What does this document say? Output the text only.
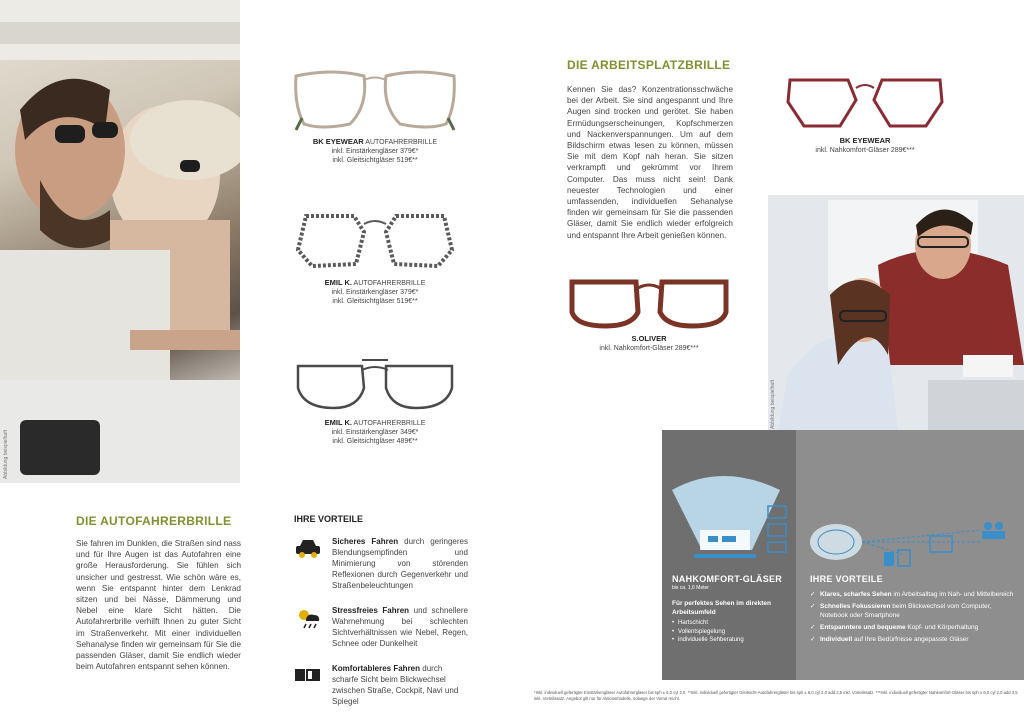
Abbildung beispielhaft
BK EYEWEAR AUTOFAHRERBRILLE
inkl. Einstärkengläser 379€*
inkl. Gleitsichtgläser 519€**
EMIL K. AUTOFAHRERBRILLE
inkl. Einstärkengläser 379€*
inkl. Gleitsichtgläser 519€**
EMIL K. AUTOFAHRERBRILLE
inkl. Einstärkengläser 349€*
inkl. Gleitsichtgläser 489€**
BK EYEWEAR
inkl. Nahkomfort-Gläser 289€***
S.OLIVER
inkl. Nahkomfort-Gläser 289€***
DIE AUTOFAHRERBRILLE
Sie fahren im Dunklen, die Straßen sind nass und für Ihre Augen ist das Autofahren eine große Herausforderung. Sie fühlen sich unsicher und gestresst. Wie schön wäre es, wenn Sie entspannt hinter dem Lenkrad sitzen und bei Nässe, Dämmerung und Nebel eine klare Sicht hätten. Die Autofahrerbrille verhilft Ihnen zu guter Sicht im Straßenverkehr. Mit einer individuellen Sehanalyse finden wir gemeinsam für Sie die passenden Gläser, damit Sie endlich wieder beim Autofahren entspannt sehen können.
IHRE VORTEILE
Sicheres Fahren durch geringeres Blendungsempfinden und Minimierung von störenden Reflexionen durch Gegenverkehr und Straßenbeleuchtungen
Stressfreies Fahren und schnellere Wahrnehmung bei schlechten Sichtverhältnissen wie Nebel, Regen, Schnee oder Dunkelheit
Komfortableres Fahren durch scharfe Sicht beim Blickwechsel zwischen Straße, Cockpit, Navi und Spiegel
DIE ARBEITSPLATZBRILLE
Kennen Sie das? Konzentrationsschwäche bei der Arbeit. Sie sind angespannt und Ihre Augen sind trocken und gerötet. Sie haben Ermüdungserscheinungen, Kopfschmerzen und Nackenverspannungen. Um auf dem Bildschirm etwas lesen zu können, müssen Sie mit dem Kopf nah heran. Sie sitzen verkrampft und gekrümmt vor Ihrem Computer. Das muss nicht sein! Dank neuester Technologien und einer umfassenden, individuellen Sehanalyse finden wir gemeinsam für Sie die passenden Gläser, damit Sie endlich wieder erfolgreich und entspannt Ihre Arbeit genießen können.
Abbildung beispielhaft
NAHKOMFORT-GLÄSER
bis ca. 1,6 Meter
Für perfektes Sehen im direkten Arbeitsumfeld
• Hartschicht
• Vollentspiegelung
• individuelle Sehberatung
IHRE VORTEILE
✓ Klares, scharfes Sehen im Arbeitsalltag im Nah- und Mittelbereich
✓ Schnelles Fokussieren beim Blickwechsel vom Computer, Notebook oder Smartphone
✓ Entspanntere und bequeme Kopf- und Körperhaltung
✓ Individuell auf Ihre Bedürfnisse angepasste Gläser
*Inkl. individuell gefertigter Einstärkengläser Autofahrergläser bis sph ± 6,0 cyl 2,0. **Inkl. individuell gefertigter Gleitsicht-Autofahrergläser bis sph ± 6,0 cyl 2,0 add 3,5 inkl. Vorteilssatz. ***Inkl. individuell gefertigter Nahkomfort-Gläser bis sph ± 6,0 cyl 2,0 add 3,5 inkl. Vorteilssatz. Angebot gilt nur für Aktionsmodelle, solange der Vorrat reicht.
